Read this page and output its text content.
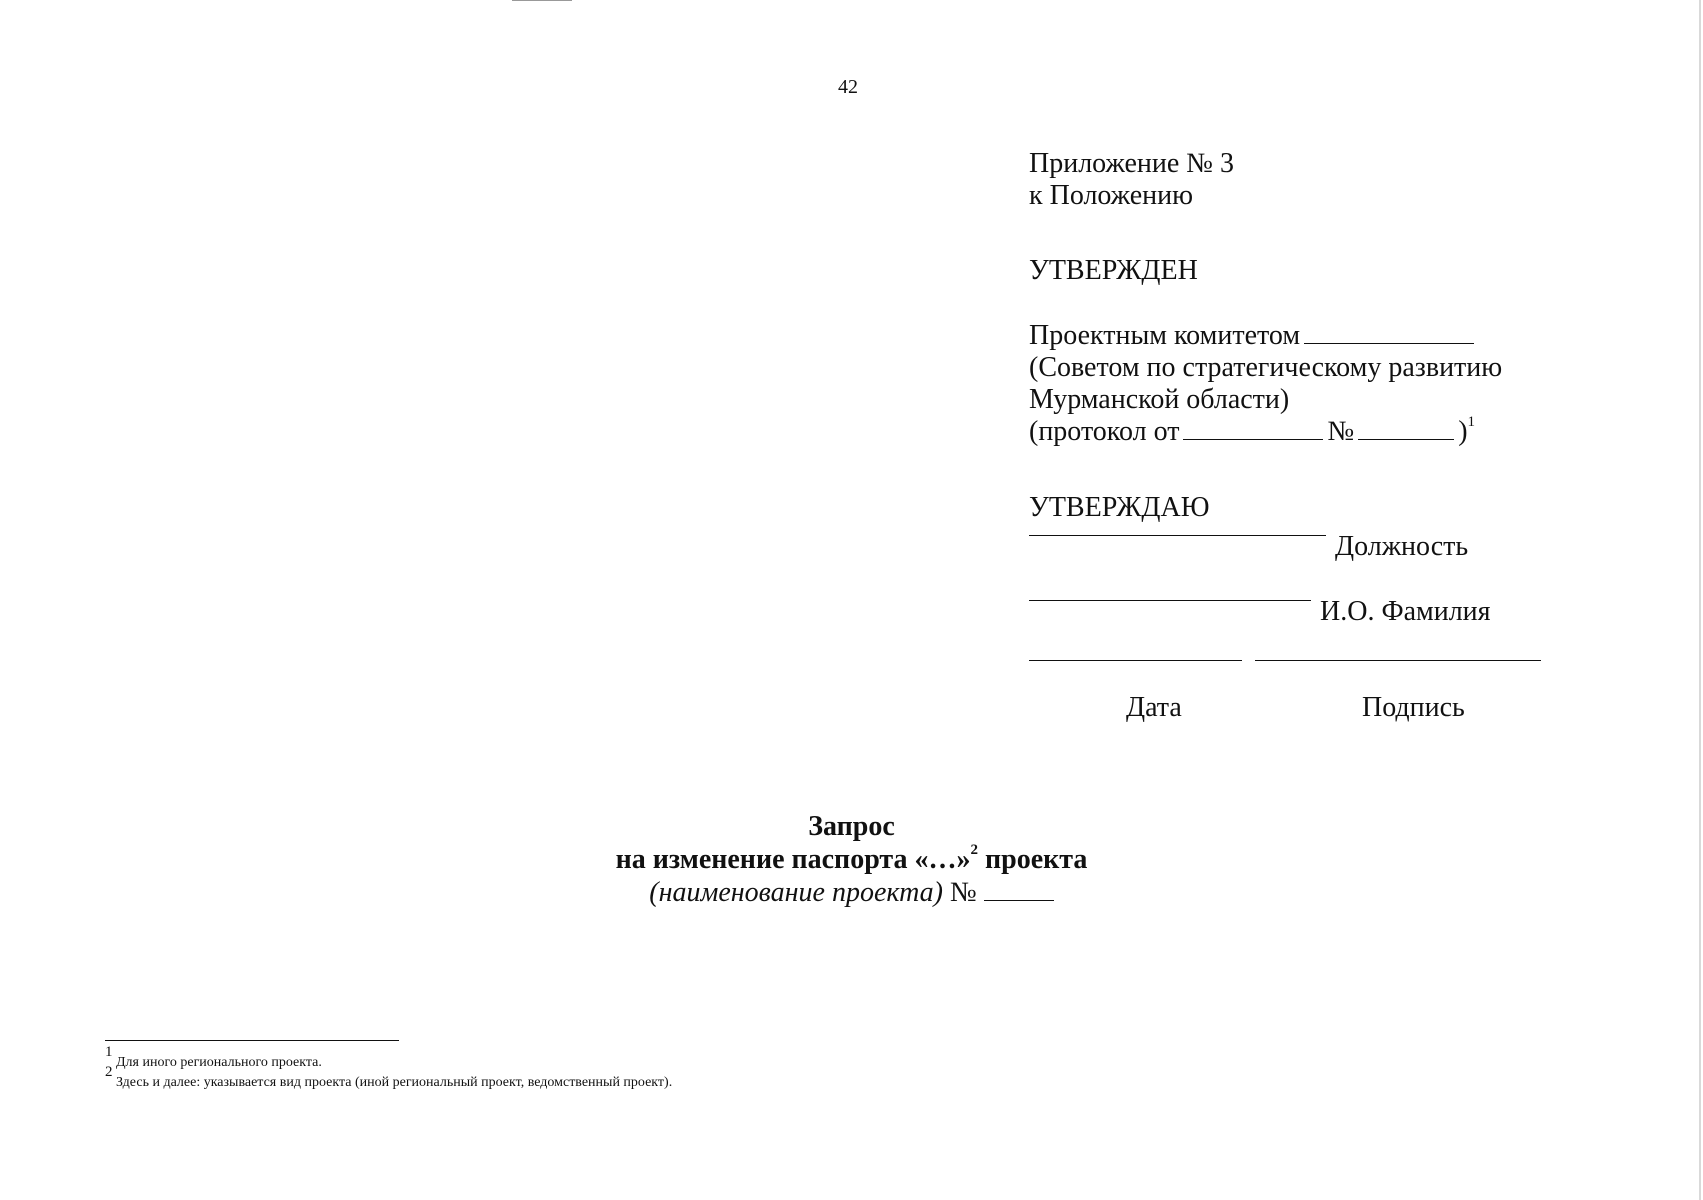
42
Приложение № 3
к Положению
УТВЕРЖДЕН
Проектным комитетом
(Советом по стратегическому развитию
Мурманской области)
(протокол от	№	)$^1$
УТВЕРЖДАЮ
Должность
И.О. Фамилия
Дата	Подпись
Запрос
на изменение паспорта «…»$^2$ проекта
(наименование проекта) №
$^1$ Для иного регионального проекта.
$^2$ Здесь и далее: указывается вид проекта (иной региональный проект, ведомственный проект).
